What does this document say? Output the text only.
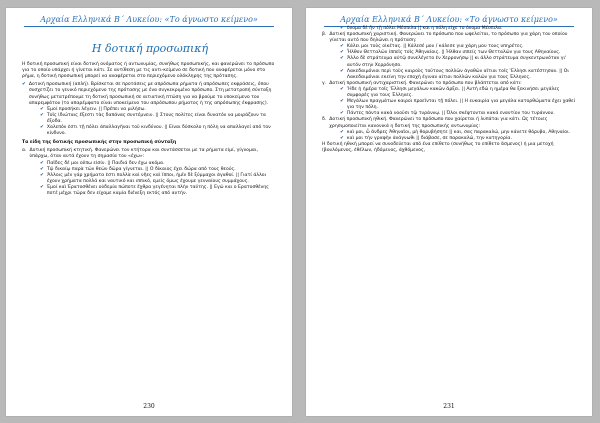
Αρχαία Ελληνικά Β΄ Λυκείου: «Το άγνωστο κείμενο»
Η δοτική προσωπική

Η δοτική προσωπική είναι δοτική ονόματος ή αντωνυμίας, συνήθως προσωπικής, και φανερώνει το πρόσωπο για το οποίο υπάρχει ή γίνεται κάτι. Σε αντίθεση με τις αντι-κείμενο σε δοτική που αναφέρεται μόνο στο ρήμα, η δοτική προσωπική μπορεί να αναφέρεται στο περιεχόμενο ολόκληρης της πρότασης.

✔ Δοτική προσωπική (απλή). Βρίσκεται σε προτάσεις με απρόσωπα ρήματα ή απρόσωπες εκφράσεις, όπου συσχετίζει το γενικό περιεχόμενο της πρότασης με ένα συγκεκριμένο πρόσωπο. Στη μετατροπή σύνταξη συνήθως μετατρέπουμε τη δοτική προσωπική σε αιτιατική πτώση για να βρούμε το υποκείμενο του απαρεμφάτου (το απαρέμφατο είναι υποκείμενο του απρόσωπου ρήματος ή της απρόσωπης έκφρασης).
✔ Ἐμοί προσήκει λέγειν. || Πρέπει να μιλήσω.
✔ Τοῖς ἰδιώταις ἔξεστι τὰς δαπάνας συντέμνειν. || Στους πολίτες είναι δυνατόν να μοιράζουν τα έξοδα.
✔ Χαλεπόν ἐστι τῇ πόλει ἀπαλλαγῆναι τοῦ κινδύνου. || Είναι δύσκολο η πόλη να απαλλαγεί από τον κίνδυνο.
Τα είδη της δοτικής προσωπικής στην προσωπική σύνταξη
α. Δοτική προσωπική κτητική. Φανερώνει τον κτήτορα και συντάσσεται με τα ρήματα εἰμί, γίγνομαι, ὑπάρχω, όταν αυτά έχουν τη σημασία του «έχω»:
✔ Παῖδες δέ μοι οὔπω εἰσίν. || Παιδιά δεν έχω ακόμα.
✔ Τῷ δικαίῳ παρὰ τῶν θεῶν δῶρα γίγνεται. || Ο δίκαιος έχει δώρα από τους θεούς.
✔ Ἄλλοις μὲν γάρ χρήματα ἐστι πολλὰ καὶ νῆες καὶ ἵπποι, ἡμῖν δὲ ξύμμαχοι ἀγαθοί. || Γιατί άλλοι έχουν χρήματα πολλά και ναυτικό και ιππικό, εμείς όμως έχουμε γενναίους συμμάχους.
✔ Ἐμοί καὶ Ἐρατοσθένει οὐδεμία πώποτε ἔχθρα γεγένηται πλὴν ταύτης. || Εγώ και ο Ερατοσθένης ποτέ μέχρι τώρα δεν είχαμε καμία διένεξη εκτός από αυτήν.
230
Αρχαία Ελληνικά Β΄ Λυκείου: «Το άγνωστο κείμενο»
✔ ὄνομα δὲ ἦν τῇ πόλει Μέσπιλα || και η πόλη είχε το όνομα Μέσπιλα.
β. Δοτική προσωπική χαριστική. Φανερώνει το πρόσωπο που ωφελείται, το πρόσωπο για χάρη του οποίου γίνεται αυτό που δηλώνει η πρόταση:
✔ Κάλει μοι τοὺς οἰκέτας. || Κάλεσέ μου / κάλεσε για χάρη μου τους υπηρέτες.
✔ Ἦλθον Θετταλῶν ἱππεῖς τοῖς Ἀθηναίοις. || Ήλθαν ιππείς των Θετταλών για τους Αθηναίους.
✔ Ἄλλο δὲ στράτευμα αὐτῷ συνελέγετο ἐν Χερρονήσῳ || κι άλλο στράτευμα συγκεντρωνόταν γι' αυτόν στην Χερρόνησο.
✔ Λακεδαιμόνιοι περὶ τοὺς καιροὺς τούτους πολλῶν ἀγαθῶν αἴτιοι τοῖς Ἕλλησι κατέστησαν. || Οι Λακεδαιμόνιοι εκείνη την εποχή έγιναν αίτιοι πολλών καλών για τους Έλληνες.
γ. Δοτική προσωπική αντιχαριστική. Φανερώνει το πρόσωπο που βλάπτεται από κάτι:
✔ Ἤδε ἡ ἡμέρα τοῖς Ἕλλησι μεγάλων κακῶν ἄρξει. || Αυτή εδώ η ημέρα θα ξεκινήσει μεγάλες συμφορές για τους Έλληνες.
✔ Μεγάλων πραγμάτων καιροὶ προεῖνται τῇ πόλει. || Η ευκαιρία για μεγάλα κατορθώματα έχει χαθεί για την πόλη.
✔ Πάντες πάντα κακὰ νοοῦσι τῷ τυράννῳ. || Όλοι σκέφτονται κακά εναντίον του τυράννου.
δ. Δοτική προσωπική ηθική. Φανερώνει το πρόσωπο που χαίρεται ή λυπάται για κάτι. Ως τέτοιες χρησιμοποιείται κανονικά η δοτική της προσωπικής αντωνυμίας:
✔ καὶ μοι, ὦ ἄνδρες Ἀθηναῖοι, μὴ θορυβήσητε || και, σας παρακαλώ, μην κάνετε θόρυβο, Αθηναίοι.
✔ καὶ μοι τὴν γραφὴν ἀνάγνωθι || διάβασε, σε παρακαλώ, την κατηγορία.

Η δοτική ηθική μπορεί να συνοδεύεται από ένα επίθετο (συνήθως το επίθετο ἄσμενος) ή μια μετοχή (βουλόμενος, ἐθέλων, ἡδόμενος, ἀχθόμενος,

231
